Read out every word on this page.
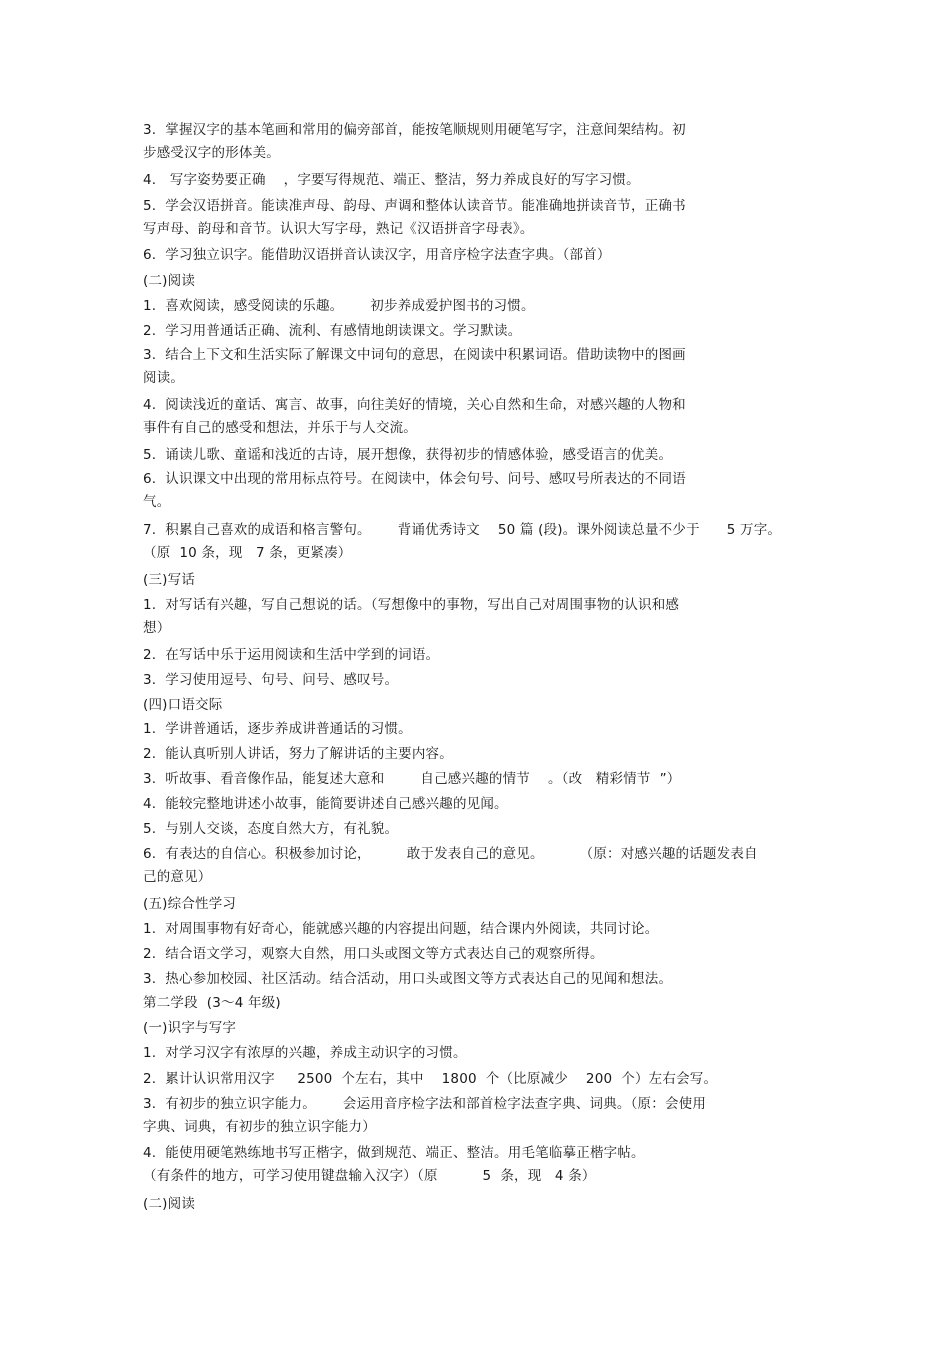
3.  掌握汉字的基本笔画和常用的偏旁部首，能按笔顺规则用硬笔写字，注意间架结构。初
步感受汉字的形体美。
4.   写字姿势要正确    ，字要写得规范、端正、整洁，努力养成良好的写字习惯。
5.  学会汉语拼音。能读准声母、韵母、声调和整体认读音节。能准确地拼读音节，正确书
写声母、韵母和音节。认识大写字母，熟记《汉语拼音字母表》。
6.  学习独立识字。能借助汉语拼音认读汉字，用音序检字法查字典。（部首）
(二)阅读
1.  喜欢阅读，感受阅读的乐趣。      初步养成爱护图书的习惯。
2.  学习用普通话正确、流利、有感情地朗读课文。学习默读。
3.  结合上下文和生活实际了解课文中词句的意思，在阅读中积累词语。借助读物中的图画
阅读。
4.  阅读浅近的童话、寓言、故事，向往美好的情境，关心自然和生命，对感兴趣的人物和
事件有自己的感受和想法，并乐于与人交流。
5.  诵读儿歌、童谣和浅近的古诗，展开想像，获得初步的情感体验，感受语言的优美。
6.  认识课文中出现的常用标点符号。在阅读中，体会句号、问号、感叹号所表达的不同语
气。
7.  积累自己喜欢的成语和格言警句。      背诵优秀诗文    50 篇 (段)。课外阅读总量不少于      5 万字。
（原  10 条，现   7 条，更紧凑）
(三)写话
1.  对写话有兴趣，写自己想说的话。（写想像中的事物，写出自己对周围事物的认识和感
想）
2.  在写话中乐于运用阅读和生活中学到的词语。
3.  学习使用逗号、句号、问号、感叹号。
(四)口语交际
1.  学讲普通话，逐步养成讲普通话的习惯。
2.  能认真听别人讲话，努力了解讲话的主要内容。
3.  听故事、看音像作品，能复述大意和        自己感兴趣的情节    。（改   精彩情节  ”）
4.  能较完整地讲述小故事，能简要讲述自己感兴趣的见闻。
5.  与别人交谈，态度自然大方，有礼貌。
6.  有表达的自信心。积极参加讨论，        敢于发表自己的意见。        （原：对感兴趣的话题发表自
己的意见）
(五)综合性学习
1.  对周围事物有好奇心，能就感兴趣的内容提出问题，结合课内外阅读，共同讨论。
2.  结合语文学习，观察大自然，用口头或图文等方式表达自己的观察所得。
3.  热心参加校园、社区活动。结合活动，用口头或图文等方式表达自己的见闻和想法。
第二学段  (3～4 年级)
(一)识字与写字
1.  对学习汉字有浓厚的兴趣，养成主动识字的习惯。
2.  累计认识常用汉字     2500  个左右，其中    1800  个（比原减少    200  个）左右会写。
3.  有初步的独立识字能力。      会运用音序检字法和部首检字法查字典、词典。（原：会使用
字典、词典，有初步的独立识字能力）
4.  能使用硬笔熟练地书写正楷字，做到规范、端正、整洁。用毛笔临摹正楷字帖。
（有条件的地方，可学习使用键盘输入汉字）（原          5  条，现   4 条）
(二)阅读
